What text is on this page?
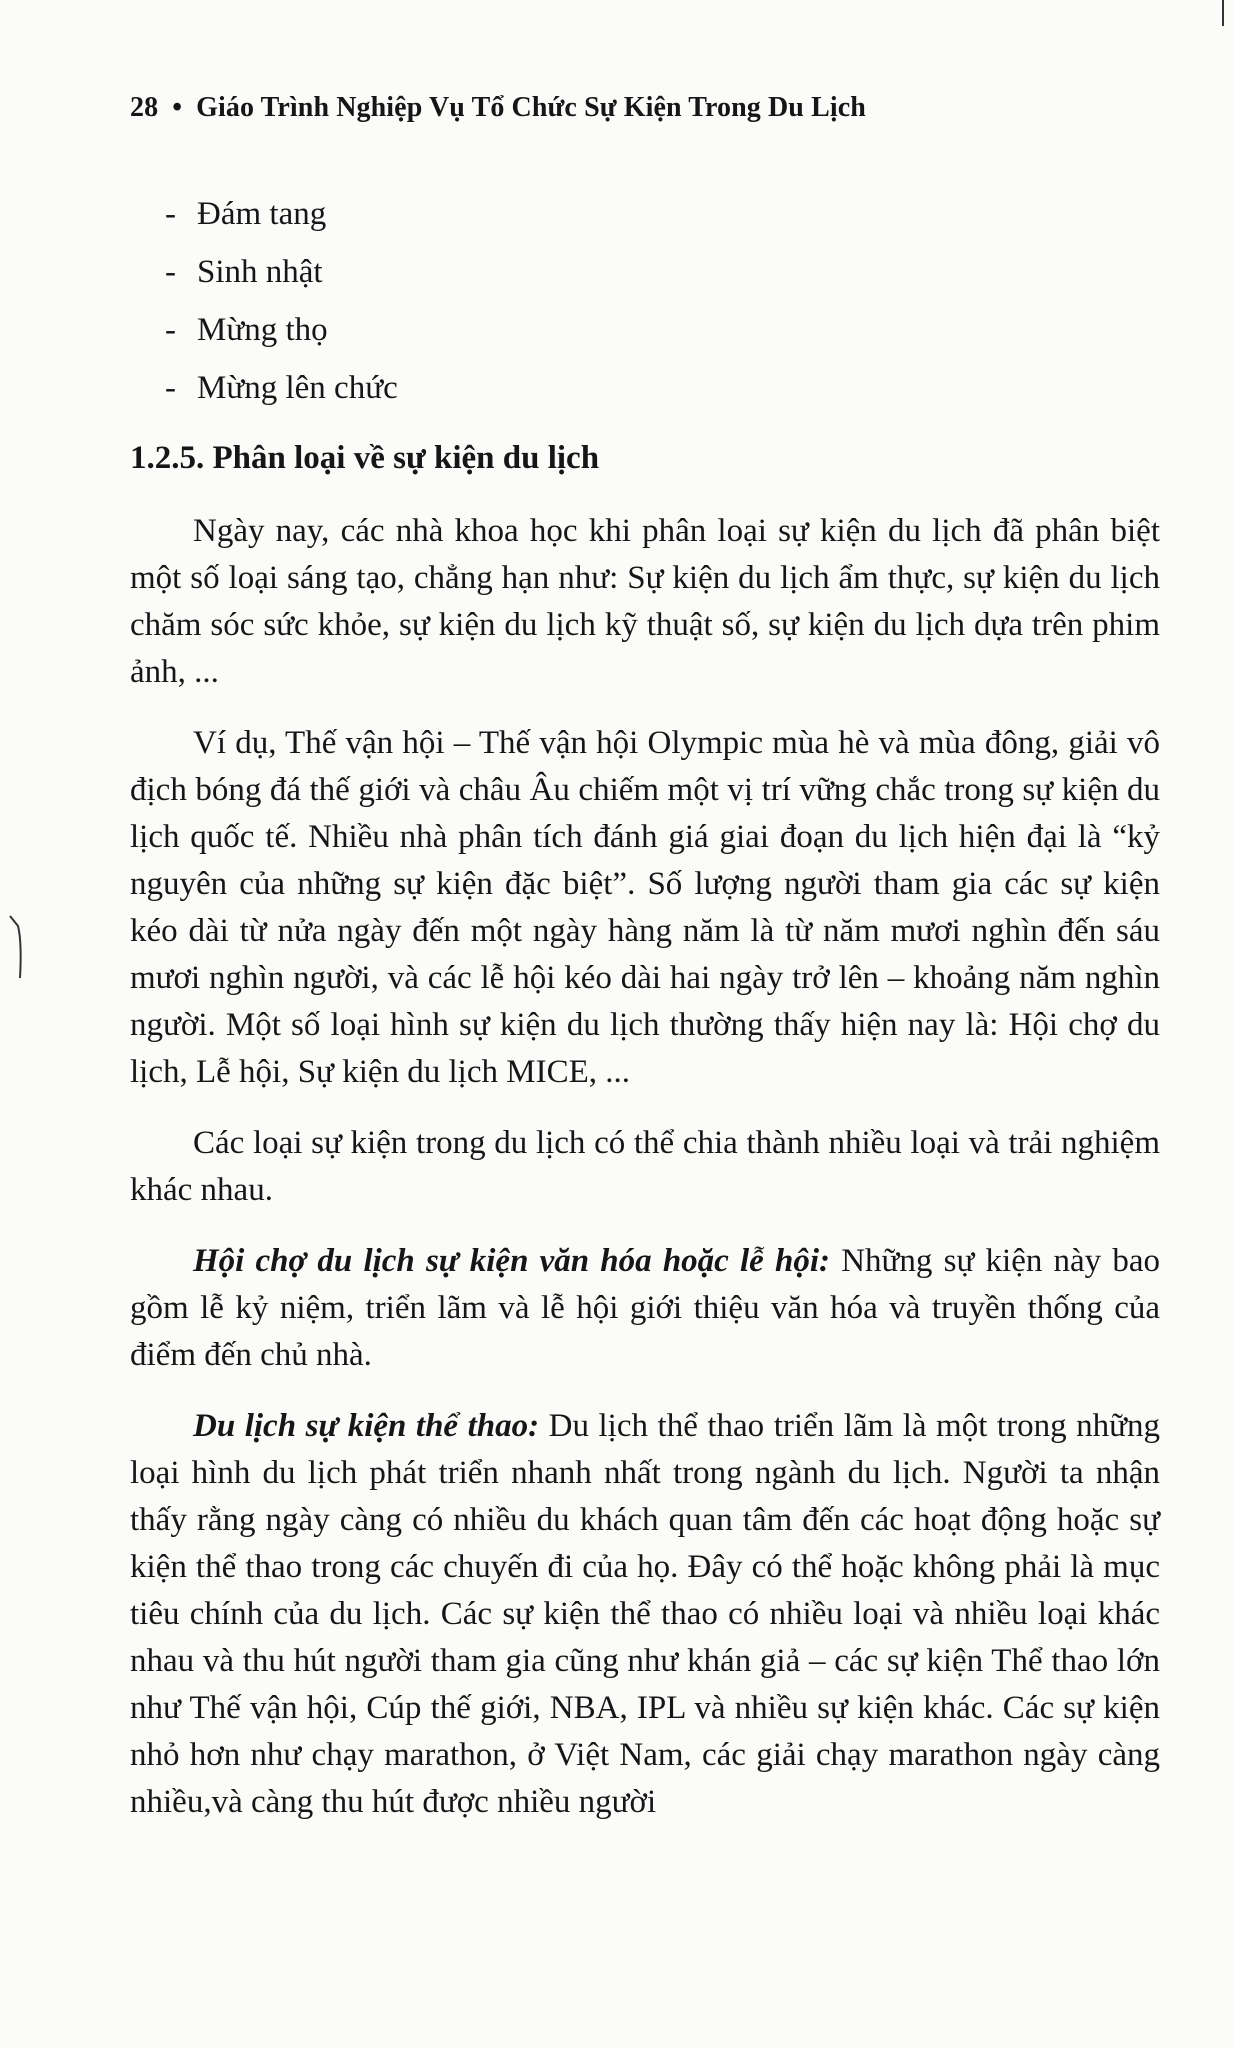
28 • Giáo Trình Nghiệp Vụ Tổ Chức Sự Kiện Trong Du Lịch
- Đám tang
- Sinh nhật
- Mừng thọ
- Mừng lên chức
1.2.5. Phân loại về sự kiện du lịch

Ngày nay, các nhà khoa học khi phân loại sự kiện du lịch đã phân biệt một số loại sáng tạo, chẳng hạn như: Sự kiện du lịch ẩm thực, sự kiện du lịch chăm sóc sức khỏe, sự kiện du lịch kỹ thuật số, sự kiện du lịch dựa trên phim ảnh, ...

Ví dụ, Thế vận hội – Thế vận hội Olympic mùa hè và mùa đông, giải vô địch bóng đá thế giới và châu Âu chiếm một vị trí vững chắc trong sự kiện du lịch quốc tế. Nhiều nhà phân tích đánh giá giai đoạn du lịch hiện đại là “kỷ nguyên của những sự kiện đặc biệt”. Số lượng người tham gia các sự kiện kéo dài từ nửa ngày đến một ngày hàng năm là từ năm mươi nghìn đến sáu mươi nghìn người, và các lễ hội kéo dài hai ngày trở lên – khoảng năm nghìn người. Một số loại hình sự kiện du lịch thường thấy hiện nay là: Hội chợ du lịch, Lễ hội, Sự kiện du lịch MICE, ...

Các loại sự kiện trong du lịch có thể chia thành nhiều loại và trải nghiệm khác nhau.

Hội chợ du lịch sự kiện văn hóa hoặc lễ hội: Những sự kiện này bao gồm lễ kỷ niệm, triển lãm và lễ hội giới thiệu văn hóa và truyền thống của điểm đến chủ nhà.

Du lịch sự kiện thể thao: Du lịch thể thao triển lãm là một trong những loại hình du lịch phát triển nhanh nhất trong ngành du lịch. Người ta nhận thấy rằng ngày càng có nhiều du khách quan tâm đến các hoạt động hoặc sự kiện thể thao trong các chuyến đi của họ. Đây có thể hoặc không phải là mục tiêu chính của du lịch. Các sự kiện thể thao có nhiều loại và nhiều loại khác nhau và thu hút người tham gia cũng như khán giả – các sự kiện Thể thao lớn như Thế vận hội, Cúp thế giới, NBA, IPL và nhiều sự kiện khác. Các sự kiện nhỏ hơn như chạy marathon, ở Việt Nam, các giải chạy marathon ngày càng nhiều,và càng thu hút được nhiều người
